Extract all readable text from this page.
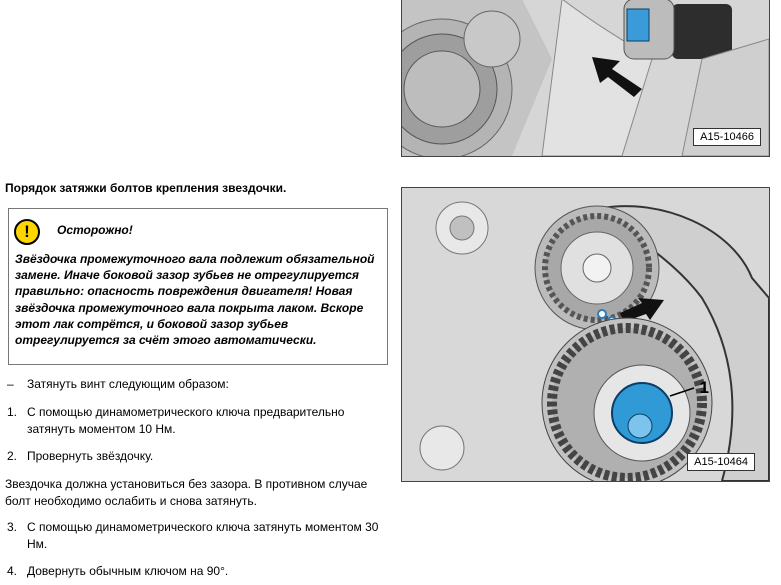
A15-10466
Порядок затяжки болтов крепления звездочки.
!	Осторожно!
Звёздочка промежуточного вала подлежит обязательной замене. Иначе боковой зазор зубьев не отрегулируется правильно: опасность повреждения двигателя! Новая звёздочка промежуточного вала покрыта лаком. Вскоре этот лак сотрётся, и боковой зазор зубьев отрегулируется за счёт этого автоматически.
– Затянуть винт следующим образом:
1. С помощью динамометрического ключа предварительно затянуть моментом 10 Нм.
2. Провернуть звёздочку.
Звездочка должна установиться без зазора. В противном случае болт необходимо ослабить и снова затянуть.
3. С помощью динамометрического ключа затянуть моментом 30 Нм.
4. Довернуть обычным ключом на 90°.
1
A15-10464
